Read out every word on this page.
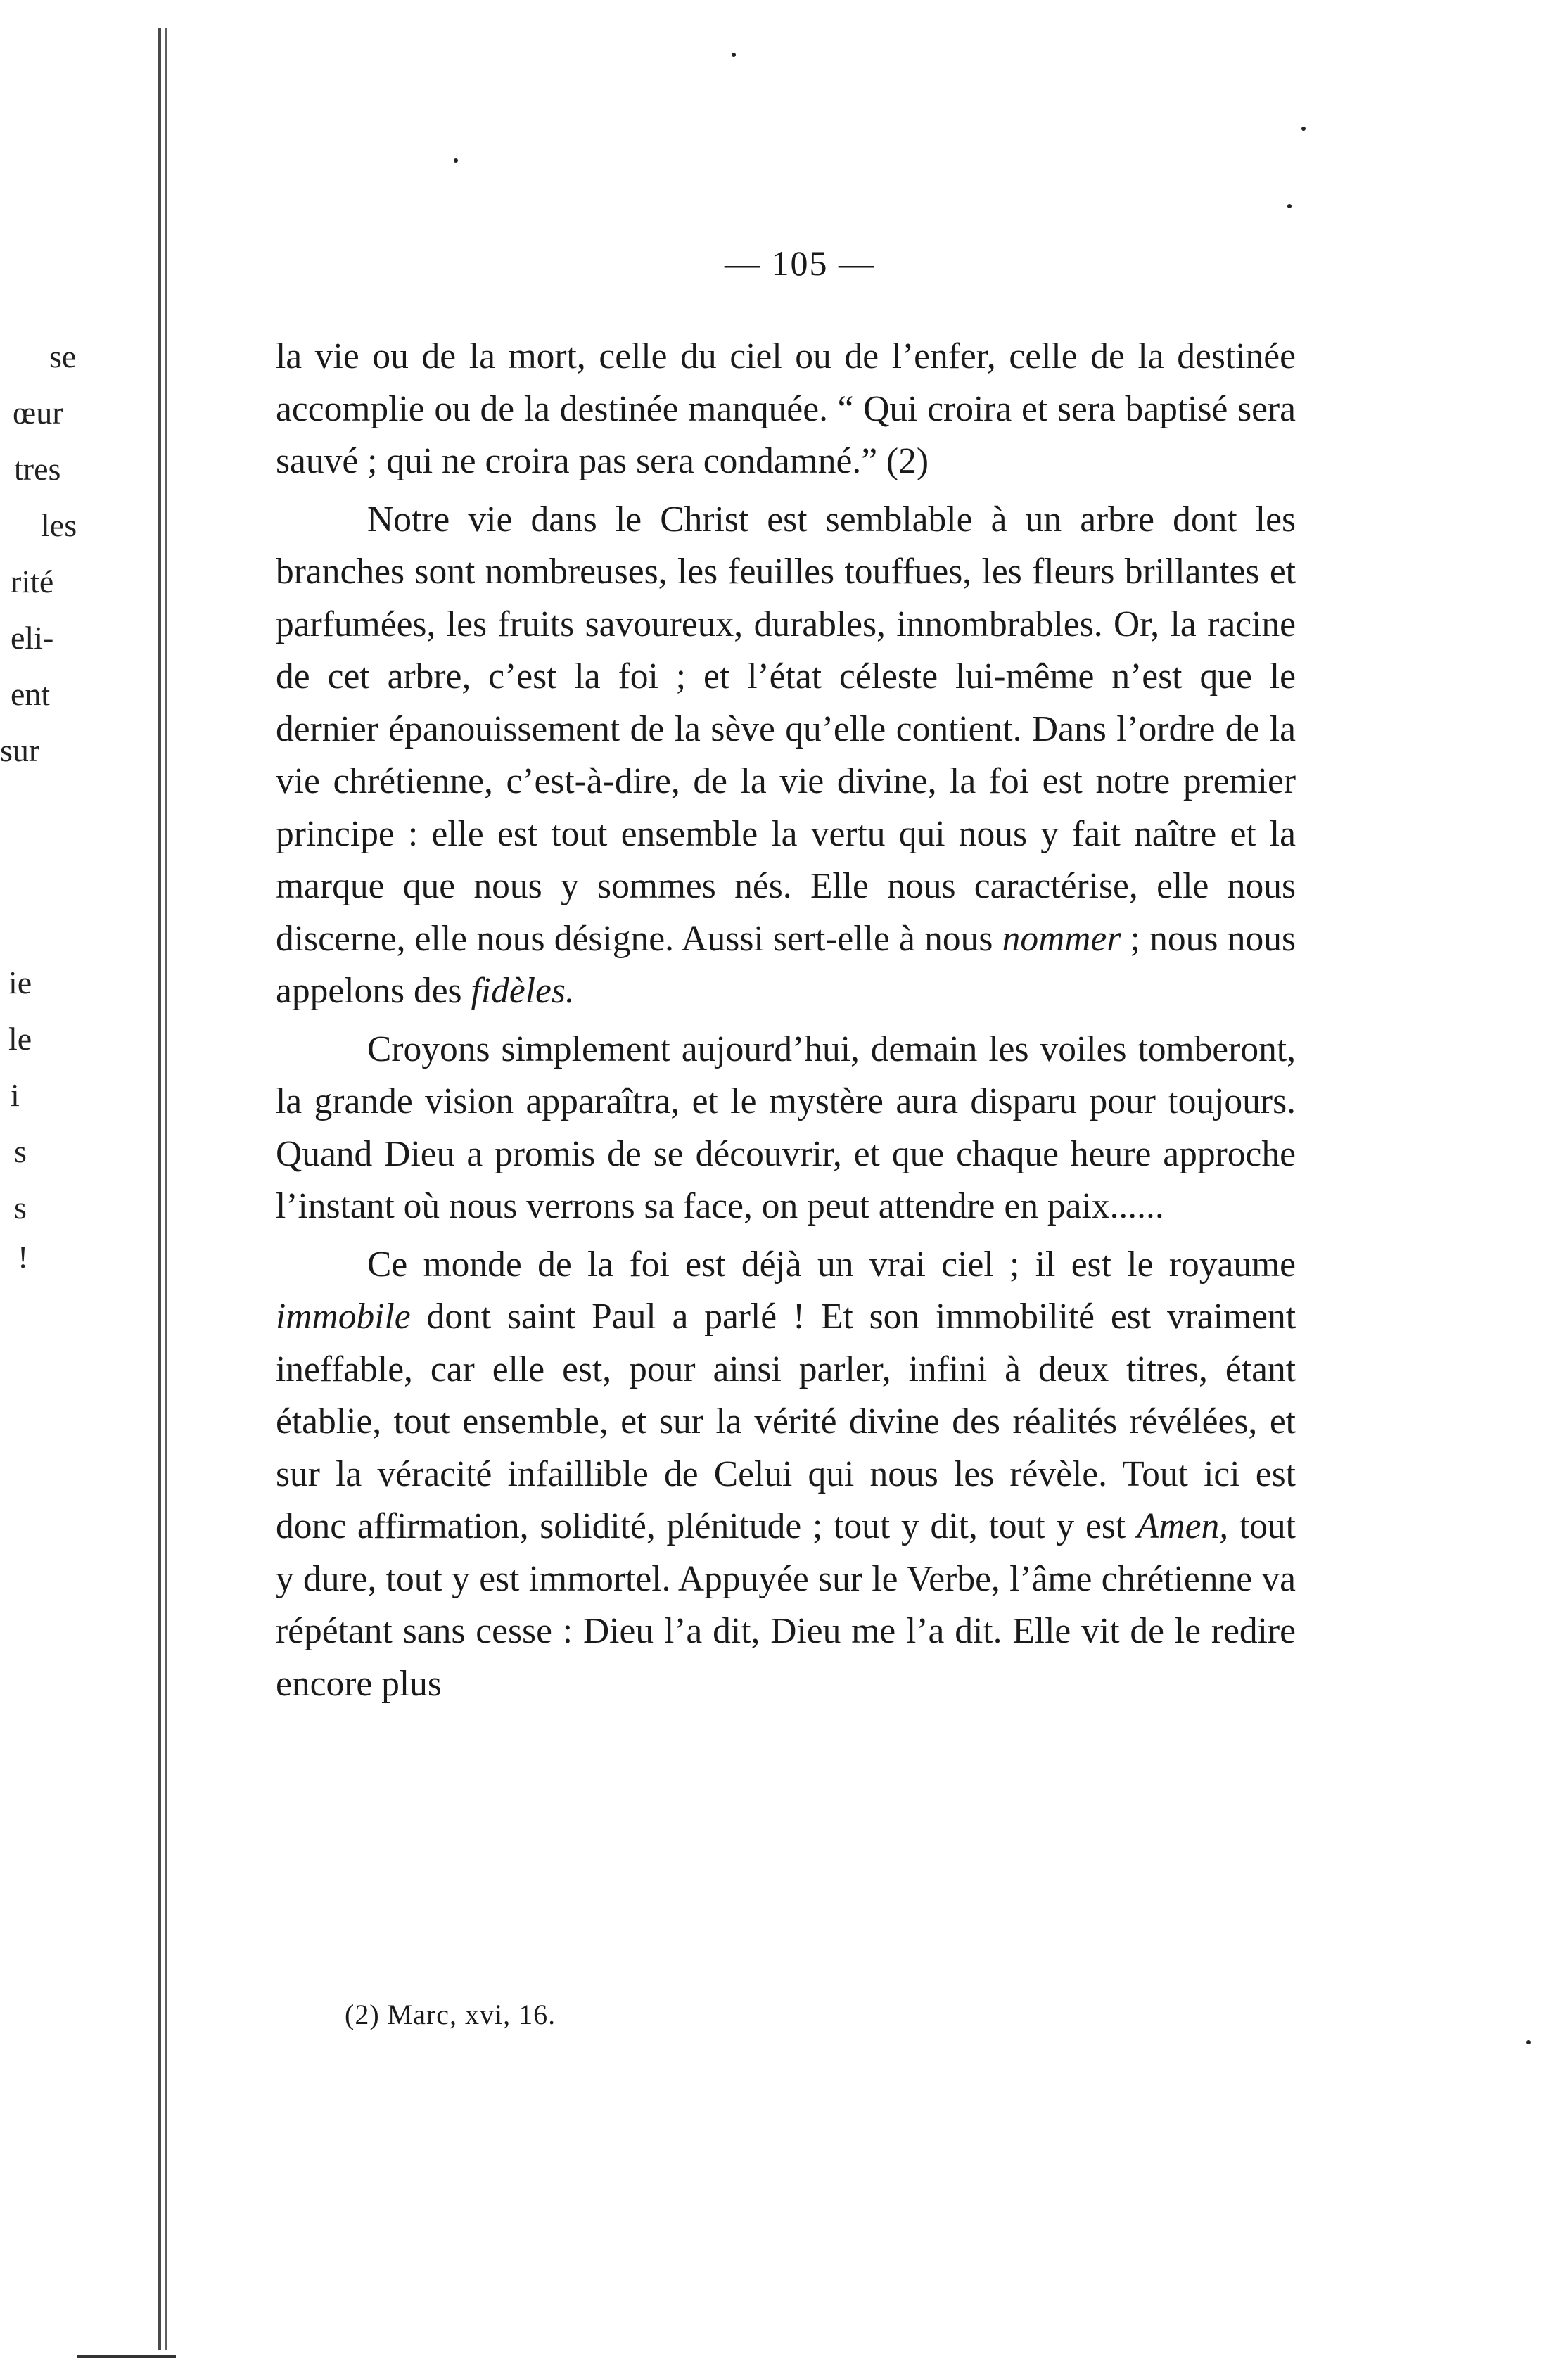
se
œur
tres
les
rité
eli-
ent
sur
ie
le
i
s
s
!
— 105 —

la vie ou de la mort, celle du ciel ou de l’enfer, celle de la destinée accomplie ou de la destinée manquée. “ Qui croira et sera baptisé sera sauvé ; qui ne croira pas sera condamné.” (2)

Notre vie dans le Christ est semblable à un arbre dont les branches sont nombreuses, les feuilles touffues, les fleurs brillantes et parfumées, les fruits savoureux, durables, innombrables. Or, la racine de cet arbre, c’est la foi ; et l’état céleste lui-même n’est que le dernier épanouissement de la sève qu’elle contient. Dans l’ordre de la vie chrétienne, c’est-à-dire, de la vie divine, la foi est notre premier principe : elle est tout ensemble la vertu qui nous y fait naître et la marque que nous y sommes nés. Elle nous caractérise, elle nous discerne, elle nous désigne. Aussi sert-elle à nous nommer ; nous nous appelons des fidèles.

Croyons simplement aujourd’hui, demain les voiles tomberont, la grande vision apparaîtra, et le mystère aura disparu pour toujours. Quand Dieu a promis de se découvrir, et que chaque heure approche l’instant où nous verrons sa face, on peut attendre en paix......

Ce monde de la foi est déjà un vrai ciel ; il est le royaume immobile dont saint Paul a parlé ! Et son immobilité est vraiment ineffable, car elle est, pour ainsi parler, infini à deux titres, étant établie, tout ensemble, et sur la vérité divine des réalités révélées, et sur la véracité infaillible de Celui qui nous les révèle. Tout ici est donc affirmation, solidité, plénitude ; tout y dit, tout y est Amen, tout y dure, tout y est immortel. Appuyée sur le Verbe, l’âme chrétienne va répétant sans cesse : Dieu l’a dit, Dieu me l’a dit. Elle vit de le redire encore plus

(2) Marc, xvi, 16.
